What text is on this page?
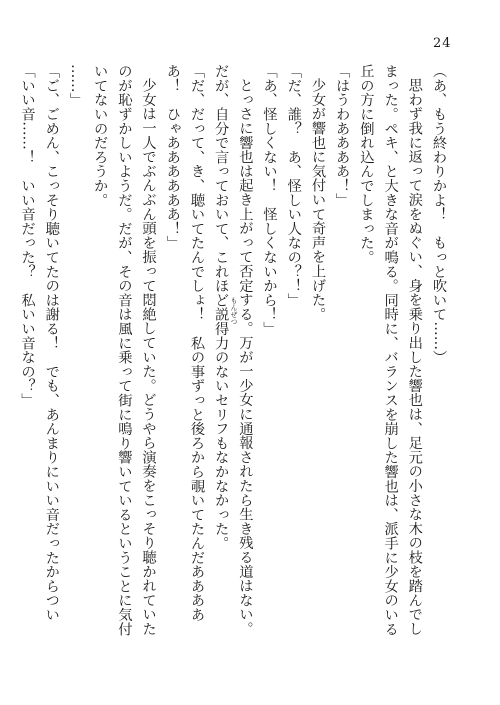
24
（あ、もう終わりかよ！　もっと吹いて……）
思わず我に返って涙をぬぐい、身を乗り出した響也は、足元の小さな木の枝を踏んでし
まった。ペキ、と大きな音が鳴る。同時に、バランスを崩した響也は、派手に少女のいる
丘の方に倒れ込んでしまった。
「はうわああああ！」
少女が響也に気付いて奇声を上げた。
「だ、誰？　あ、怪しい人なの？！」
「あ、怪しくない！　怪しくないから！」
とっさに響也は起き上がって否定する。万が一少女に通報されたら生き残る道はない。
だが、自分で言っておいて、これほど説得力のないセリフもなかなかった。
「だ、だって、き、聴いてたんでしょ！　私の事ずっと後ろから覗いてたんだああああ
あ！　ひゃああああああ！」
少女は一人でぶんぶん頭を振って悶絶していた。どうやら演奏をこっそり聴かれていた
のが恥ずかしいようだ。だが、その音は風に乗って街に鳴り響いているということに気付
いてないのだろうか。
……」
「ご、ごめん、こっそり聴いてたのは謝る！　でも、あんまりにいい音だったからつい
「いい音……！　いい音だった？　私いい音なの？」	もんぜつ
